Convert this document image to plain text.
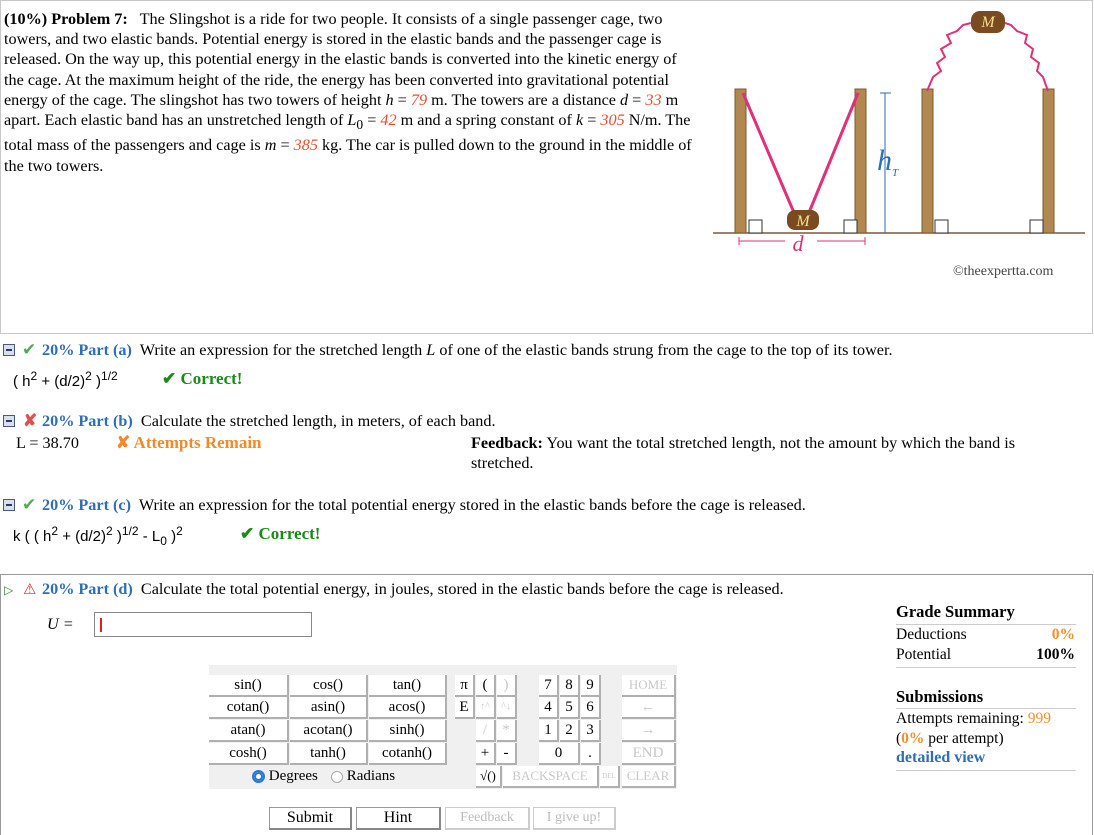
(10%) Problem 7: The Slingshot is a ride for two people. It consists of a single passenger cage, two towers, and two elastic bands. Potential energy is stored in the elastic bands and the passenger cage is released. On the way up, this potential energy in the elastic bands is converted into the kinetic energy of the cage. At the maximum height of the ride, the energy has been converted into gravitational potential energy of the cage. The slingshot has two towers of height h = 79 m. The towers are a distance d = 33 m apart. Each elastic band has an unstretched length of $L_0 = 42$ m and a spring constant of k = 305 N/m. The total mass of the passengers and cage is m = 385 kg. The car is pulled down to the ground in the middle of the two towers.
M
d
$h_T$
M
©theexpertta.com
✔ 20% Part (a) Write an expression for the stretched length L of one of the elastic bands strung from the cage to the top of its tower.
( $h^2 + (d/2)^2$ )$^{1/2}$	✔ Correct!
✘ 20% Part (b) Calculate the stretched length, in meters, of each band.
L = 38.70 ✘ Attempts Remain	Feedback: You want the total stretched length, not the amount by which the band is stretched.
✔ 20% Part (c) Write an expression for the total potential energy stored in the elastic bands before the cage is released.
k ( ( $h^2 + (d/2)^2$ )$^{1/2} - L_0$ )$^2$	✔ Correct!
▷ ⚠ 20% Part (d) Calculate the total potential energy, in joules, stored in the elastic bands before the cage is released.
U =
sin()	cos()	tan()
cotan()	asin()	acos()
atan()	acotan()	sinh()
cosh()	tanh()	cotanh()
Degrees	Radians
π (	)	7 8 9	HOME
E	↑^	^↓	4 5 6	←
/	*	1 2 3	→
+ -	0	.	END
√()	BACKSPACE	DEL CLEAR
Submit	Hint	Feedback	I give up!
Grade Summary
Deductions	0%
Potential	100%
Submissions
Attempts remaining: 999
(0% per attempt)
detailed view
